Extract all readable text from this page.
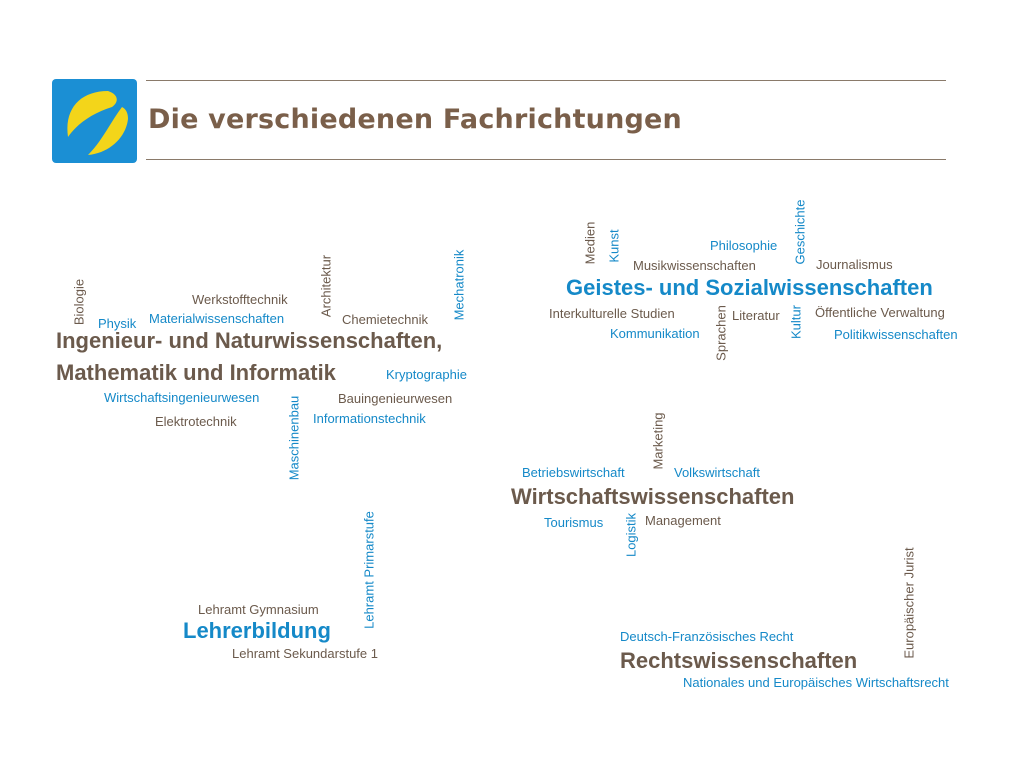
Die verschiedenen Fachrichtungen
Biologie Physik
Werkstofftechnik
Materialwissenschaften
Architektur
Chemietechnik Mechatronik
Ingenieur- und Naturwissenschaften,
Mathematik und Informatik	Kryptographie
Wirtschaftsingenieurwesen	Bauingenieurwesen
Elektrotechnik	Informationstechnik
Maschinenbau
Medien Kunst	Philosophie Geschichte
Musikwissenschaften	Journalismus
Geistes- und Sozialwissenschaften
Interkulturelle Studien	Literatur	Öffentliche Verwaltung
Kommunikation Sprachen	Kultur Politikwissenschaften
Marketing
Betriebswirtschaft	Volkswirtschaft
Wirtschaftswissenschaften
Tourismus Logistik Management
Lehramt Primarstufe
Lehramt Gymnasium
Lehrerbildung
Lehramt Sekundarstufe 1
Deutsch-Französisches Recht	Europäischer Jurist
Rechtswissenschaften
Nationales und Europäisches Wirtschaftsrecht
